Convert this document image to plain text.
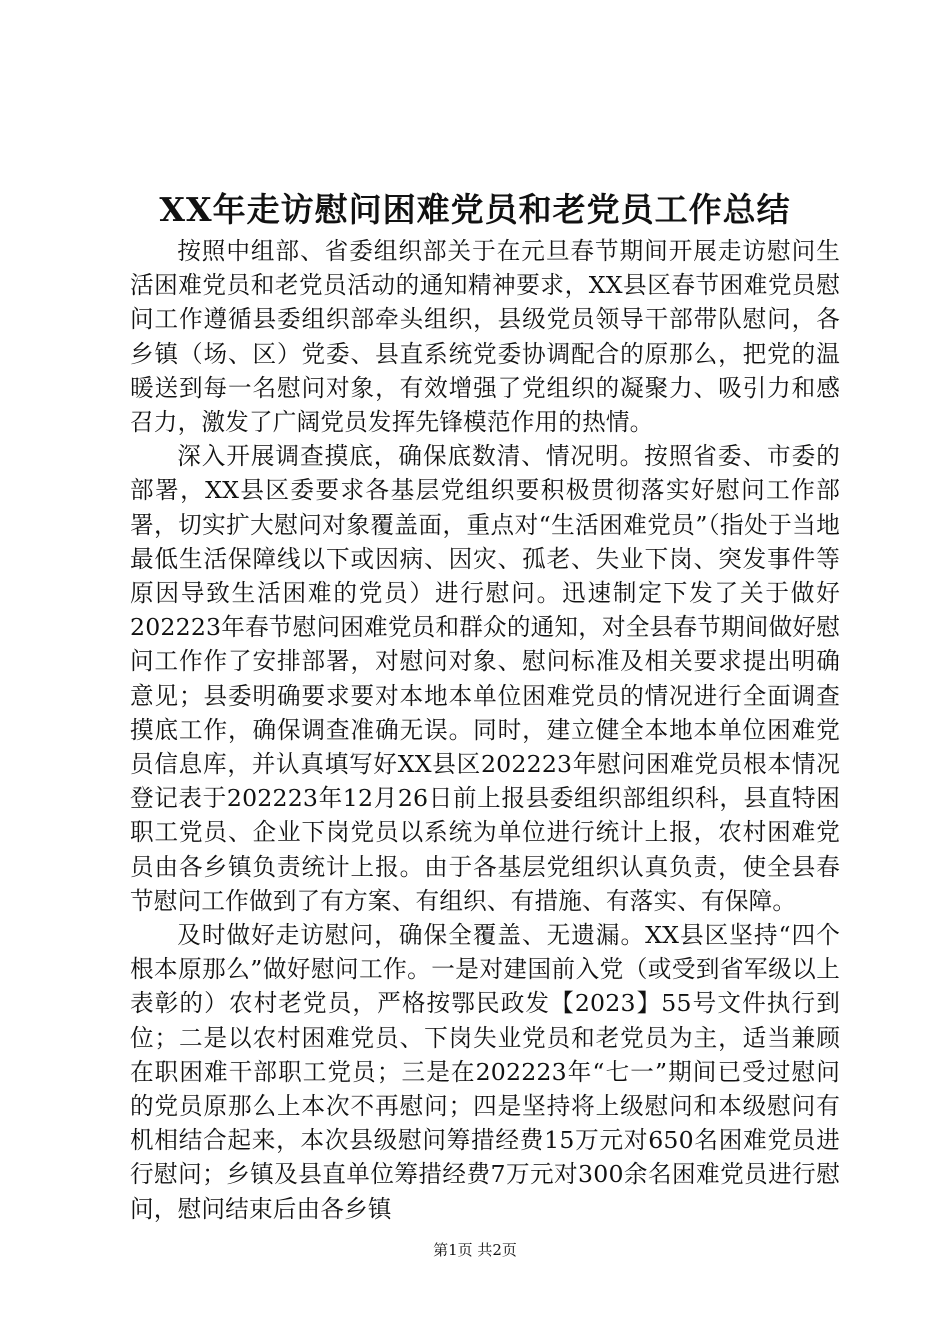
XX年走访慰问困难党员和老党员工作总结

按照中组部、省委组织部关于在元旦春节期间开展走访慰问生活困难党员和老党员活动的通知精神要求，XX县区春节困难党员慰问工作遵循县委组织部牵头组织，县级党员领导干部带队慰问，各乡镇（场、区）党委、县直系统党委协调配合的原那么，把党的温暖送到每一名慰问对象，有效增强了党组织的凝聚力、吸引力和感召力，激发了广阔党员发挥先锋模范作用的热情。

深入开展调查摸底，确保底数清、情况明。按照省委、市委的部署，XX县区委要求各基层党组织要积极贯彻落实好慰问工作部署，切实扩大慰问对象覆盖面，重点对“生活困难党员”（指处于当地最低生活保障线以下或因病、因灾、孤老、失业下岗、突发事件等原因导致生活困难的党员）进行慰问。迅速制定下发了关于做好202223年春节慰问困难党员和群众的通知，对全县春节期间做好慰问工作作了安排部署，对慰问对象、慰问标准及相关要求提出明确意见；县委明确要求要对本地本单位困难党员的情况进行全面调查摸底工作，确保调查准确无误。同时，建立健全本地本单位困难党员信息库，并认真填写好XX县区202223年慰问困难党员根本情况登记表于202223年12月26日前上报县委组织部组织科，县直特困职工党员、企业下岗党员以系统为单位进行统计上报，农村困难党员由各乡镇负责统计上报。由于各基层党组织认真负责，使全县春节慰问工作做到了有方案、有组织、有措施、有落实、有保障。

及时做好走访慰问，确保全覆盖、无遗漏。XX县区坚持“四个根本原那么”做好慰问工作。一是对建国前入党（或受到省军级以上表彰的）农村老党员，严格按鄂民政发【2023】55号文件执行到位；二是以农村困难党员、下岗失业党员和老党员为主，适当兼顾在职困难干部职工党员；三是在202223年“七一”期间已受过慰问的党员原那么上本次不再慰问；四是坚持将上级慰问和本级慰问有机相结合起来，本次县级慰问筹措经费15万元对650名困难党员进行慰问；乡镇及县直单位筹措经费7万元对300余名困难党员进行慰问，慰问结束后由各乡镇

第1页 共2页
